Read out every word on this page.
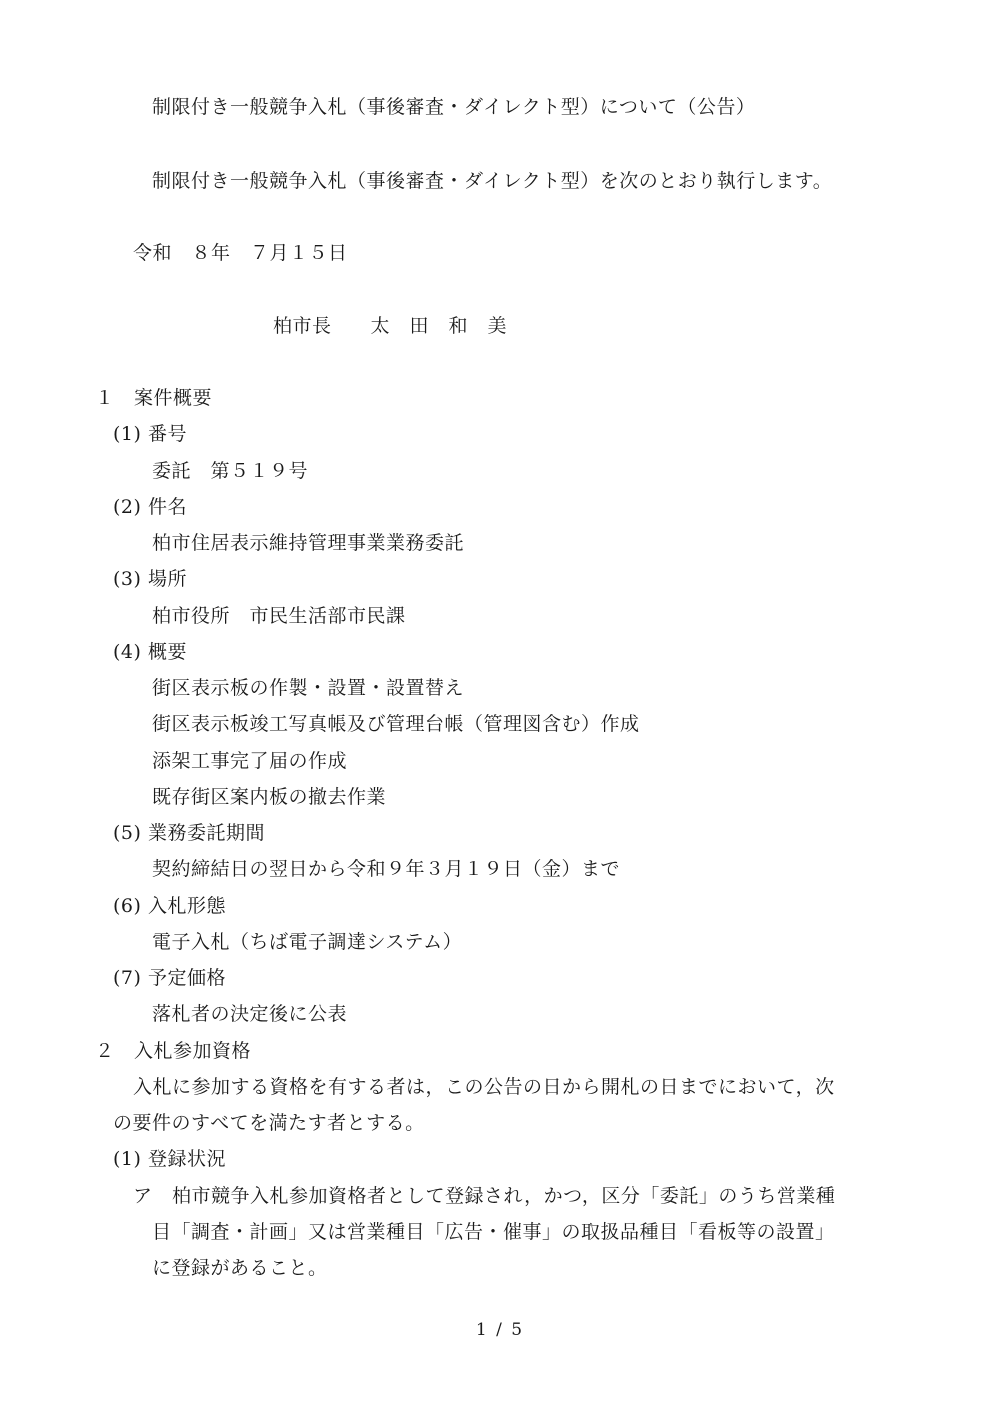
制限付き一般競争入札（事後審査・ダイレクト型）について（公告）
制限付き一般競争入札（事後審査・ダイレクト型）を次のとおり執行します。
令和　８年　７月１５日
柏市長　　太　田　和　美
１　案件概要
(1) 番号
委託　第５１９号
(2) 件名
柏市住居表示維持管理事業業務委託
(3) 場所
柏市役所　市民生活部市民課
(4) 概要
街区表示板の作製・設置・設置替え
街区表示板竣工写真帳及び管理台帳（管理図含む）作成
添架工事完了届の作成
既存街区案内板の撤去作業
(5) 業務委託期間
契約締結日の翌日から令和９年３月１９日（金）まで
(6) 入札形態
電子入札（ちば電子調達システム）
(7) 予定価格
落札者の決定後に公表
２　入札参加資格
入札に参加する資格を有する者は，この公告の日から開札の日までにおいて，次
の要件のすべてを満たす者とする。
(1) 登録状況
ア　柏市競争入札参加資格者として登録され，かつ，区分「委託」のうち営業種
目「調査・計画」又は営業種目「広告・催事」の取扱品種目「看板等の設置」
に登録があること。
1 / 5
